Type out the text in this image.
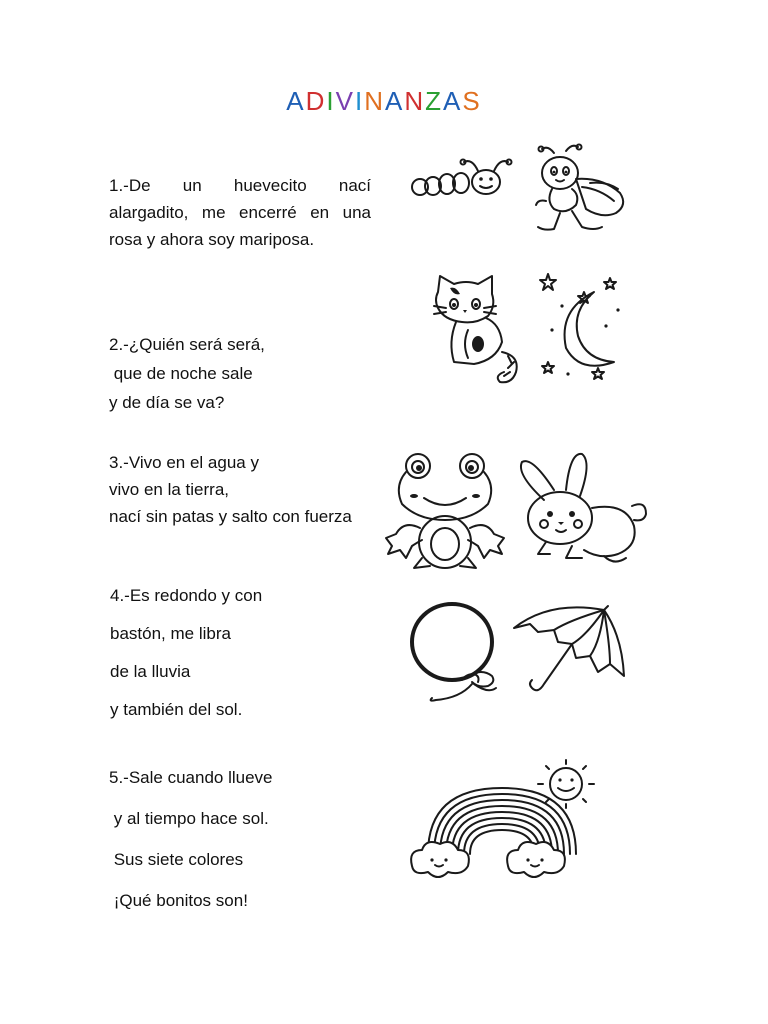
ADIVINANZAS
1.-De un huevecito nací alargadito, me encerré en una rosa y ahora soy mariposa.
2.-¿Quién será será,
que de noche sale
y de día se va?
3.-Vivo en el agua y
vivo en la tierra,
nací sin patas y salto con fuerza
4.-Es redondo y con
bastón, me libra
de la lluvia
y también del sol.
5.-Sale cuando llueve
y al tiempo hace sol.
Sus siete colores
¡Qué bonitos son!
